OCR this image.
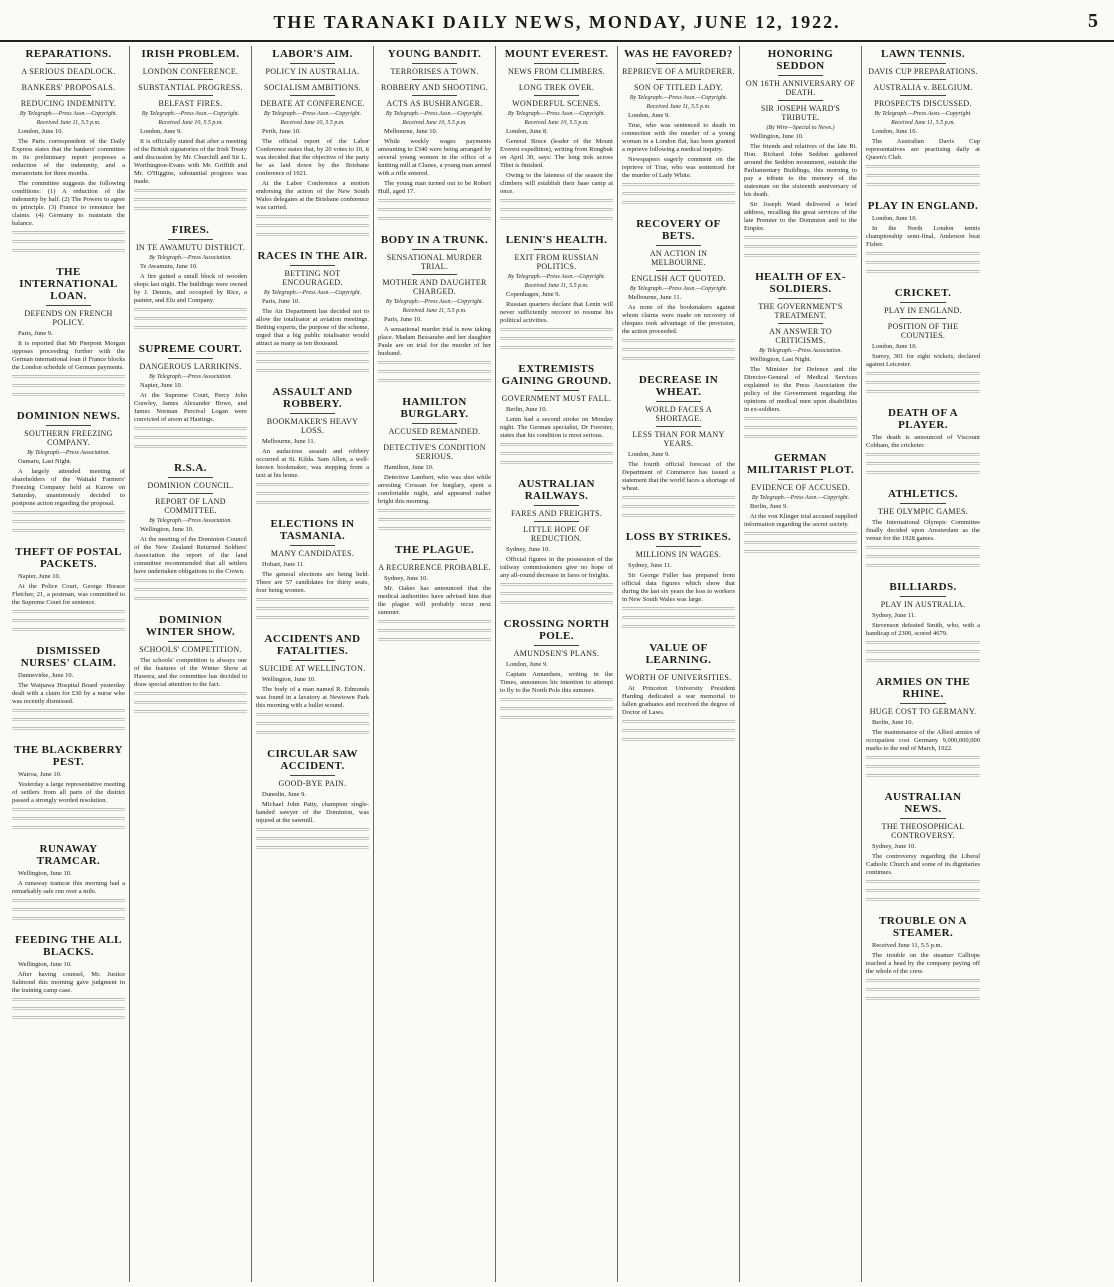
THE TARANAKI DAILY NEWS, MONDAY, JUNE 12, 1922.	5
REPARATIONS.
A SERIOUS DEADLOCK.
BANKERS' PROPOSALS.
REDUCING INDEMNITY.
By Telegraph.—Press Assn.—Copyright.
Received June 11, 5.5 p.m.
London, June 10.
The Paris correspondent of the Daily Express states that the bankers' committee in its preliminary report proposes a reduction of the indemnity, and a moratorium for three months.
The committee suggests the following conditions: (1) A reduction of the indemnity by half. (2) The Powers to agree in principle. (3) France to renounce her claims. (4) Germany to maintain the balance.
THE INTERNATIONAL LOAN.
DEFENDS ON FRENCH POLICY.
Paris, June 9.
It is reported that Mr Pierpont Morgan opposes proceeding further with the German international loan if France blocks the London schedule of German payments.
DOMINION NEWS.
SOUTHERN FREEZING COMPANY.
By Telegraph.—Press Association.
Oamaru, Last Night.
A largely attended meeting of shareholders of the Waitaki Farmers' Freezing Company held at Kurow on Saturday, unanimously decided to postpone action regarding the proposal.
THEFT OF POSTAL PACKETS.
Napier, June 10.
At the Police Court, George Horace Fletcher, 21, a postman, was committed to the Supreme Court for sentence.
DISMISSED NURSES' CLAIM.
Dannevirke, June 10.
The Waipawa Hospital Board yesterday dealt with a claim for £30 by a nurse who was recently dismissed.
THE BLACKBERRY PEST.
Wairoa, June 10.
Yesterday a large representative meeting of settlers from all parts of the district passed a strongly worded resolution.
RUNAWAY TRAMCAR.
Wellington, June 10.
A runaway tramcar this morning had a remarkably safe run over a mile.
FEEDING THE ALL BLACKS.
Wellington, June 10.
After having counsel, Mr. Justice Salmond this morning gave judgment in the training camp case.
IRISH PROBLEM.
LONDON CONFERENCE.
SUBSTANTIAL PROGRESS.
BELFAST FIRES.
By Telegraph.—Press Assn.—Copyright.
Received June 10, 5.5 p.m.
London, June 9.
It is officially stated that after a meeting of the British signatories of the Irish Treaty and discussion by Mr. Churchill and Sir L. Worthington-Evans with Mr. Griffith and Mr. O'Higgins, substantial progress was made.
FIRES.
IN TE AWAMUTU DISTRICT.
By Telegraph.—Press Association.
Te Awamutu, June 10.
A fire gutted a small block of wooden shops last night. The buildings were owned by J. Dennis, and occupied by Rice, a painter, and Elu and Company.
SUPREME COURT.
DANGEROUS LARRIKINS.
By Telegraph.—Press Association.
Napier, June 10.
At the Supreme Court, Percy John Crawley, James Alexander Howe, and James Norman Percival Logan were convicted of arson at Hastings.
R.S.A.
DOMINION COUNCIL.
REPORT OF LAND COMMITTEE.
By Telegraph.—Press Association.
Wellington, June 10.
At the meeting of the Dominion Council of the New Zealand Returned Soldiers' Association the report of the land committee recommended that all settlers have undertaken obligations to the Crown.
DOMINION WINTER SHOW.
SCHOOLS' COMPETITION.
The schools' competition is always one of the features of the Winter Show at Hawera, and the committee has decided to draw special attention to the fact.
LABOR'S AIM.
POLICY IN AUSTRALIA.
SOCIALISM AMBITIONS.
DEBATE AT CONFERENCE.
By Telegraph.—Press Assn.—Copyright.
Received June 10, 5.5 p.m.
Perth, June 10.
The official report of the Labor Conference states that, by 20 votes to 10, it was decided that the objective of the party be as laid down by the Brisbane conference of 1921.
At the Labor Conference a motion endorsing the action of the New South Wales delegates at the Brisbane conference was carried.
RACES IN THE AIR.
BETTING NOT ENCOURAGED.
By Telegraph.—Press Assn.—Copyright.
Paris, June 10.
The Air Department has decided not to allow the totalisator at aviation meetings. Betting experts, the purpose of the scheme, urged that a big public totalisator would attract as many as ten thousand.
ASSAULT AND ROBBERY.
BOOKMAKER'S HEAVY LOSS.
Melbourne, June 11.
An audacious assault and robbery occurred at St. Kilda. Sam Allen, a well-known bookmaker, was stepping from a taxi at his home.
ELECTIONS IN TASMANIA.
MANY CANDIDATES.
Hobart, June 11.
The general elections are being held. There are 57 candidates for thirty seats, four being women.
ACCIDENTS AND FATALITIES.
SUICIDE AT WELLINGTON.
Wellington, June 10.
The body of a man named R. Edmonds was found in a lavatory at Newtown Park this morning with a bullet wound.
CIRCULAR SAW ACCIDENT.
GOOD-BYE PAIN.
Dunedin, June 9.
Michael John Patty, champion single-handed sawyer of the Dominion, was injured at the sawmill.
YOUNG BANDIT.
TERRORISES A TOWN.
ROBBERY AND SHOOTING.
ACTS AS BUSHRANGER.
By Telegraph.—Press Assn.—Copyright.
Received June 10, 5.5 p.m.
Melbourne, June 10.
While weekly wages payments amounting to £340 were being arranged by several young women in the office of a knitting mill at Clunes, a young man armed with a rifle entered.
The young man turned out to be Robert Hull, aged 17.
BODY IN A TRUNK.
SENSATIONAL MURDER TRIAL.
MOTHER AND DAUGHTER CHARGED.
By Telegraph.—Press Assn.—Copyright.
Received June 11, 5.5 p.m.
Paris, June 10.
A sensational murder trial is now taking place. Madam Bessarabo and her daughter Paule are on trial for the murder of her husband.
HAMILTON BURGLARY.
ACCUSED REMANDED.
DETECTIVE'S CONDITION SERIOUS.
Hamilton, June 10.
Detective Lambert, who was shot while arresting Crossan for burglary, spent a comfortable night, and appeared rather bright this morning.
THE PLAGUE.
A RECURRENCE PROBABLE.
Sydney, June 10.
Mr. Oakes has announced that the medical authorities have advised him that the plague will probably recur next summer.
MOUNT EVEREST.
NEWS FROM CLIMBERS.
LONG TREK OVER.
WONDERFUL SCENES.
By Telegraph.—Press Assn.—Copyright.
Received June 10, 5.5 p.m.
London, June 8.
General Bruce (leader of the Mount Everest expedition), writing from Rongbuk on April 30, says: The long trek across Tibet is finished.
Owing to the lateness of the season the climbers will establish their base camp at once.
LENIN'S HEALTH.
EXIT FROM RUSSIAN POLITICS.
By Telegraph.—Press Assn.—Copyright.
Received June 11, 5.5 p.m.
Copenhagen, June 9.
Russian quarters declare that Lenin will never sufficiently recover to resume his political activities.
EXTREMISTS GAINING GROUND.
GOVERNMENT MUST FALL.
Berlin, June 10.
Lenin had a second stroke on Monday night. The German specialist, Dr Foerster, states that his condition is most serious.
AUSTRALIAN RAILWAYS.
FARES AND FREIGHTS.
LITTLE HOPE OF REDUCTION.
Sydney, June 10.
Official figures in the possession of the railway commissioners give no hope of any all-round decrease in fares or freights.
CROSSING NORTH POLE.
AMUNDSEN'S PLANS.
London, June 9.
Captain Amundsen, writing in the Times, announces his intention to attempt to fly to the North Pole this summer.
WAS HE FAVORED?
REPRIEVE OF A MURDERER.
SON OF TITLED LADY.
By Telegraph.—Press Assn.—Copyright.
Received June 11, 5.5 p.m.
London, June 9.
True, who was sentenced to death in connection with the murder of a young woman in a London flat, has been granted a reprieve following a medical inquiry.
Newspapers eagerly comment on the reprieve of True, who was sentenced for the murder of Lady White.
RECOVERY OF BETS.
AN ACTION IN MELBOURNE.
ENGLISH ACT QUOTED.
By Telegraph.—Press Assn.—Copyright.
Melbourne, June 11.
As none of the bookmakers against whom claims were made on recovery of cheques took advantage of the provision, the action proceeded.
DECREASE IN WHEAT.
WORLD FACES A SHORTAGE.
LESS THAN FOR MANY YEARS.
London, June 9.
The fourth official forecast of the Department of Commerce has issued a statement that the world faces a shortage of wheat.
LOSS BY STRIKES.
MILLIONS IN WAGES.
Sydney, June 11.
Sir George Fuller has prepared from official data figures which show that during the last six years the loss to workers in New South Wales was large.
VALUE OF LEARNING.
WORTH OF UNIVERSITIES.
At Princeton University President Harding dedicated a war memorial to fallen graduates and received the degree of Doctor of Laws.
HONORING SEDDON
ON 16TH ANNIVERSARY OF DEATH.
SIR JOSEPH WARD'S TRIBUTE.
(By Wire—Special to News.)
Wellington, June 10.
The friends and relatives of the late Rt. Hon. Richard John Seddon gathered around the Seddon monument, outside the Parliamentary Buildings, this morning to pay a tribute to the memory of the statesman on the sixteenth anniversary of his death.
Sir Joseph Ward delivered a brief address, recalling the great services of the late Premier to the Dominion and to the Empire.
HEALTH OF EX-SOLDIERS.
THE GOVERNMENT'S TREATMENT.
AN ANSWER TO CRITICISMS.
By Telegraph.—Press Association.
Wellington, Last Night.
The Minister for Defence and the Director-General of Medical Services explained to the Press Association the policy of the Government regarding the opinions of medical men upon disabilities in ex-soldiers.
GERMAN MILITARIST PLOT.
EVIDENCE OF ACCUSED.
By Telegraph.—Press Assn.—Copyright.
Berlin, June 9.
At the von Klinger trial accused supplied information regarding the secret society.
LAWN TENNIS.
DAVIS CUP PREPARATIONS.
AUSTRALIA v. BELGIUM.
PROSPECTS DISCUSSED.
By Telegraph.—Press Assn.—Copyright.
Received June 11, 5.5 p.m.
London, June 10.
The Australian Davis Cup representatives are practising daily at Queen's Club.
PLAY IN ENGLAND.
London, June 10.
In the North London tennis championship semi-final, Anderson beat Fisher.
CRICKET.
PLAY IN ENGLAND.
POSITION OF THE COUNTIES.
London, June 10.
Surrey, 301 for eight wickets, declared against Leicester.
DEATH OF A PLAYER.
The death is announced of Viscount Cobham, the cricketer.
ATHLETICS.
THE OLYMPIC GAMES.
The International Olympic Committee finally decided upon Amsterdam as the venue for the 1928 games.
BILLIARDS.
PLAY IN AUSTRALIA.
Sydney, June 11.
Stevenson defeated Smith, who, with a handicap of 2300, scored 4679.
ARMIES ON THE RHINE.
HUGE COST TO GERMANY.
Berlin, June 10.
The maintenance of the Allied armies of occupation cost Germany 9,000,000,000 marks to the end of March, 1922.
AUSTRALIAN NEWS.
THE THEOSOPHICAL CONTROVERSY.
Sydney, June 10.
The controversy regarding the Liberal Catholic Church and some of its dignitaries continues.
TROUBLE ON A STEAMER.
Received June 11, 5.5 p.m.
The trouble on the steamer Calliope reached a head by the company paying off the whole of the crew.
